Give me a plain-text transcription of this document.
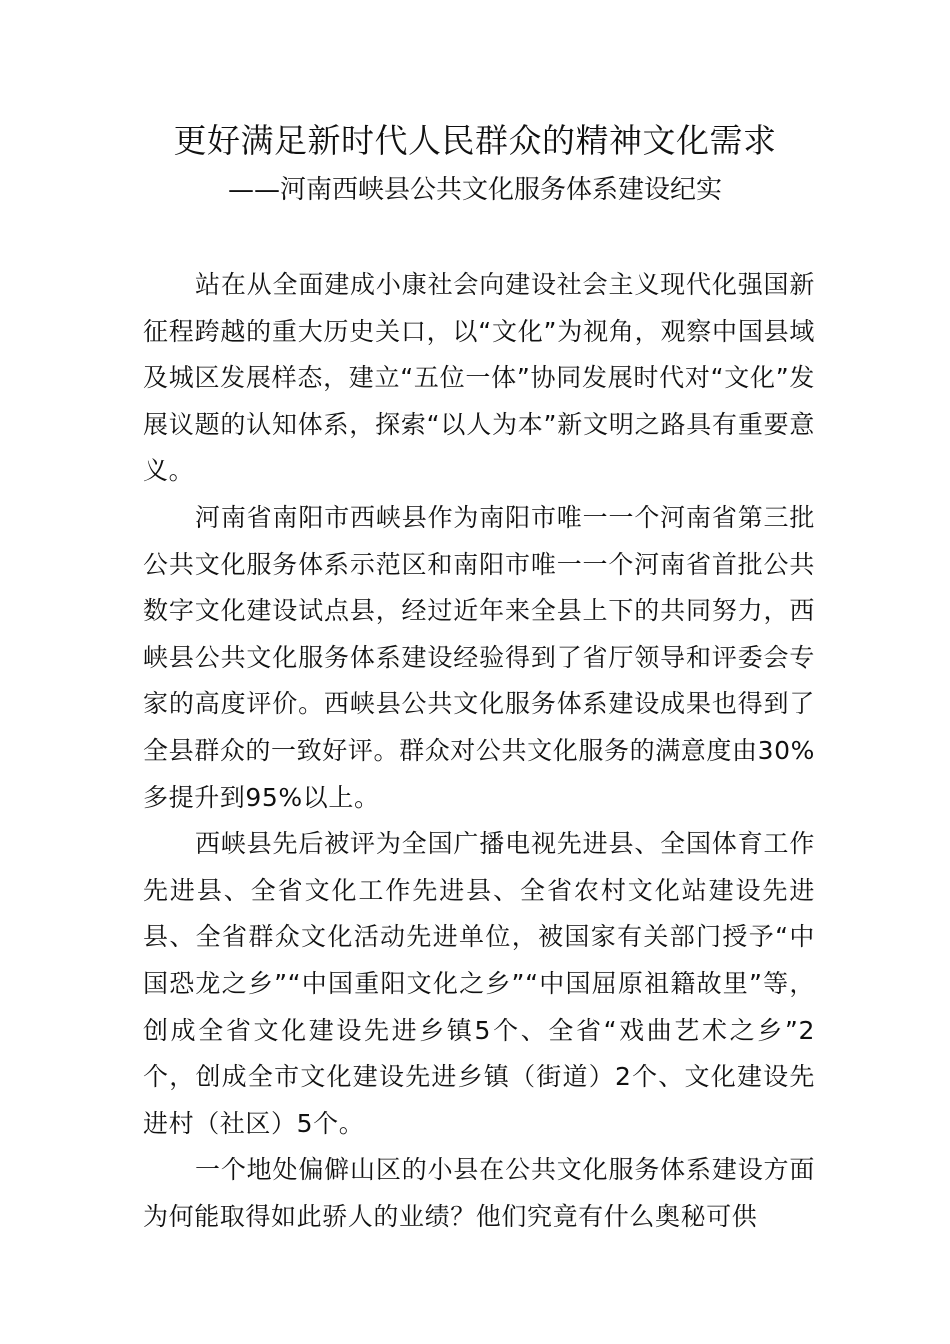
更好满足新时代人民群众的精神文化需求
——河南西峡县公共文化服务体系建设纪实

站在从全面建成小康社会向建设社会主义现代化强国新征程跨越的重大历史关口，以“文化”为视角，观察中国县域及城区发展样态，建立“五位一体”协同发展时代对“文化”发展议题的认知体系，探索“以人为本”新文明之路具有重要意义。

河南省南阳市西峡县作为南阳市唯一一个河南省第三批公共文化服务体系示范区和南阳市唯一一个河南省首批公共数字文化建设试点县，经过近年来全县上下的共同努力，西峡县公共文化服务体系建设经验得到了省厅领导和评委会专家的高度评价。西峡县公共文化服务体系建设成果也得到了全县群众的一致好评。群众对公共文化服务的满意度由30%多提升到95%以上。

西峡县先后被评为全国广播电视先进县、全国体育工作先进县、全省文化工作先进县、全省农村文化站建设先进县、全省群众文化活动先进单位，被国家有关部门授予“中国恐龙之乡”“中国重阳文化之乡”“中国屈原祖籍故里”等，创成全省文化建设先进乡镇5个、全省“戏曲艺术之乡”2个，创成全市文化建设先进乡镇（街道）2个、文化建设先进村（社区）5个。

一个地处偏僻山区的小县在公共文化服务体系建设方面为何能取得如此骄人的业绩？他们究竟有什么奥秘可供
